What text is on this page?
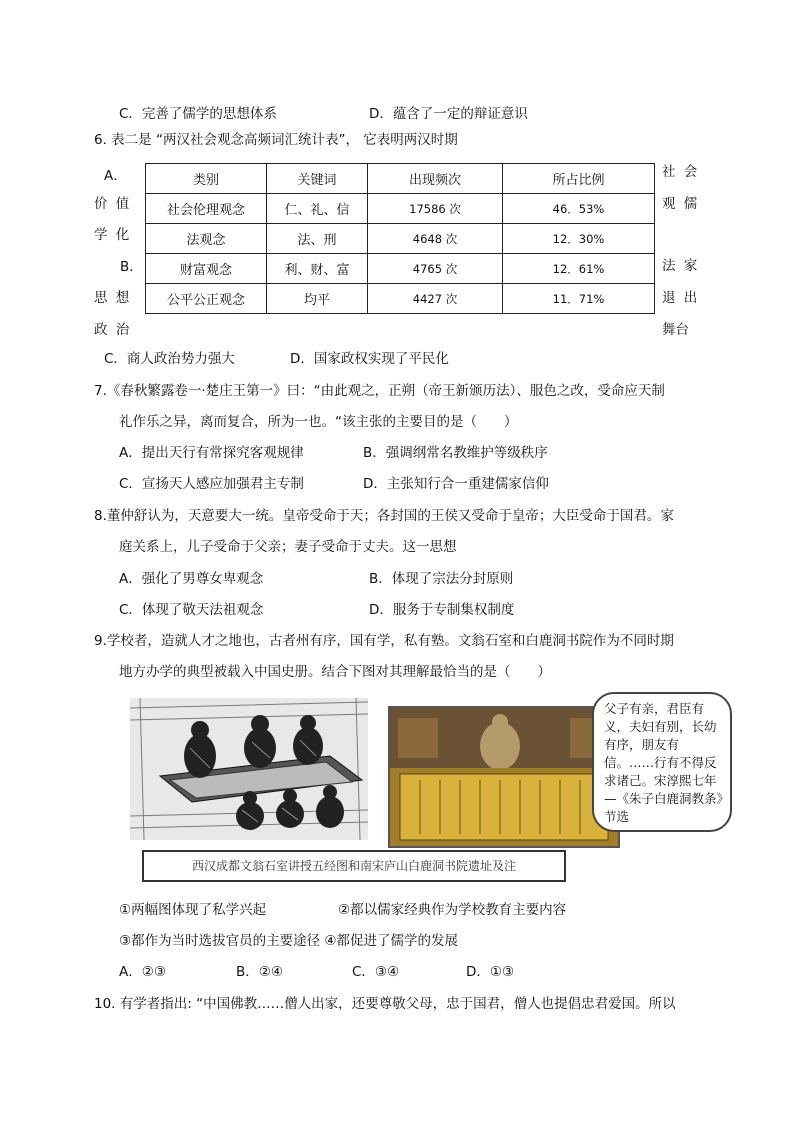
C．完善了儒学的思想体系	D．蕴含了一定的辩证意识
6. 表二是 “两汉社会观念高频词汇统计表”， 它表明两汉时期
A．
价 值
学 化
B．
思 想
政 治
社 会
观 儒
法 家
退 出
舞台
类别	关键词	出现频次	所占比例
社会伦理观念	仁、礼、信	17586 次	46．53%
法观念	法、刑	4648 次	12．30%
财富观念	利、财、富	4765 次	12．61%
公平公正观念	均平	4427 次	11．71%
C．商人政治势力强大	D．国家政权实现了平民化
7.《春秋繁露卷一·楚庄王第一》曰：“由此观之，正朔（帝王新颁历法）、服色之改，受命应天制
礼作乐之异，离而复合，所为一也。“该主张的主要目的是（　　）
A．提出天行有常探究客观规律	B．强调纲常名教维护等级秩序
C．宣扬天人感应加强君主专制	D．主张知行合一重建儒家信仰
8.董仲舒认为，天意要大一统。皇帝受命于天；各封国的王侯又受命于皇帝；大臣受命于国君。家
庭关系上，儿子受命于父亲；妻子受命于丈夫。这一思想
A．强化了男尊女卑观念	B．体现了宗法分封原则
C．体现了敬天法祖观念	D．服务于专制集权制度
9.学校者，造就人才之地也，古者州有序，国有学，私有塾。文翁石室和白鹿洞书院作为不同时期
地方办学的典型被载入中国史册。结合下图对其理解最恰当的是（　　）
父子有亲，君臣有义，夫妇有别，长幼有序，朋友有信。……行有不得反求诸己。宋淳熙七年—《朱子白鹿洞教条》节选
西汉成都文翁石室讲授五经图和南宋庐山白鹿洞书院遗址及注
①两幅图体现了私学兴起	②都以儒家经典作为学校教育主要内容
③都作为当时选拔官员的主要途径 ④都促进了儒学的发展
A．②③	B．②④	C．③④	D．①③
10. 有学者指出: “中国佛教……僧人出家，还要尊敬父母，忠于国君，僧人也提倡忠君爱国。所以
